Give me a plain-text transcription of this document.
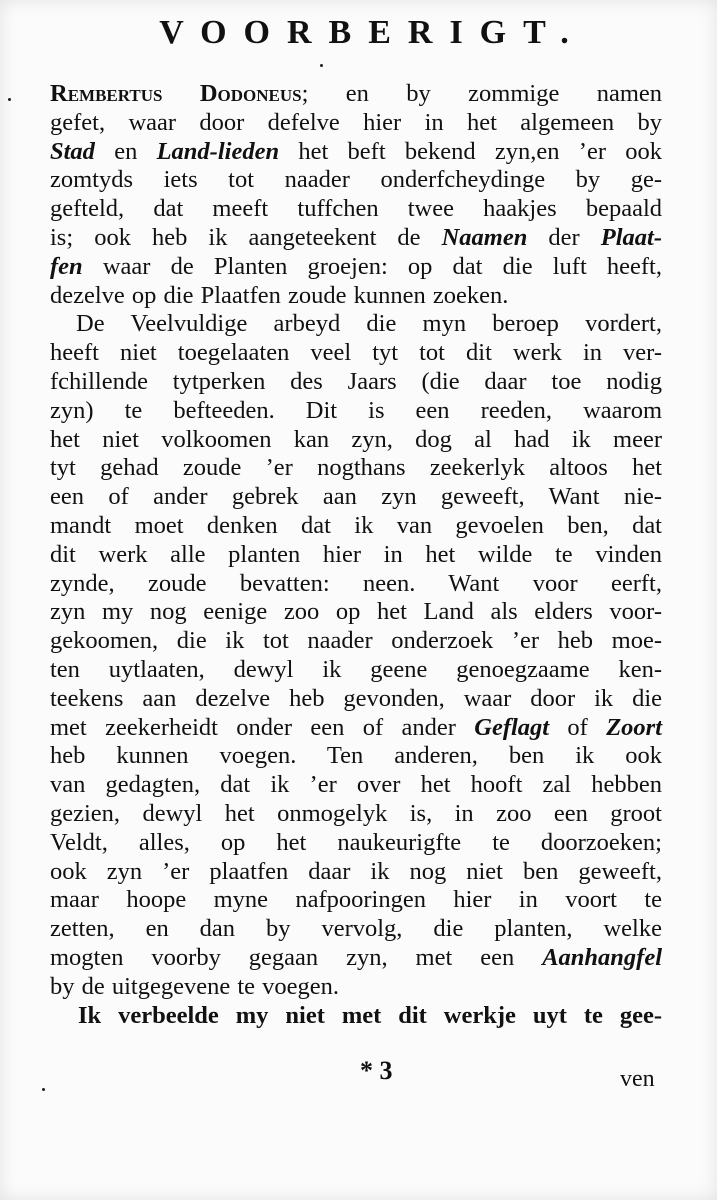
VOORBERIGT.
Rembertus Dodoneus; en by zommige namen
gefet, waar door defelve hier in het algemeen by
Stad en Land-lieden het beft bekend zyn,en ’er ook
zomtyds iets tot naader onderfcheydinge by ge-
gefteld, dat meeft tuffchen twee haakjes bepaald
is; ook heb ik aangeteekent de Naamen der Plaat-
fen waar de Planten groejen: op dat die luft heeft,
dezelve op die Plaatfen zoude kunnen zoeken.
De Veelvuldige arbeyd die myn beroep vordert,
heeft niet toegelaaten veel tyt tot dit werk in ver-
fchillende tytperken des Jaars (die daar toe nodig
zyn) te befteeden. Dit is een reeden, waarom
het niet volkoomen kan zyn, dog al had ik meer
tyt gehad zoude ’er nogthans zeekerlyk altoos het
een of ander gebrek aan zyn geweeft, Want nie-
mandt moet denken dat ik van gevoelen ben, dat
dit werk alle planten hier in het wilde te vinden
zynde, zoude bevatten: neen. Want voor eerft,
zyn my nog eenige zoo op het Land als elders voor-
gekoomen, die ik tot naader onderzoek ’er heb moe-
ten uytlaaten, dewyl ik geene genoegzaame ken-
teekens aan dezelve heb gevonden, waar door ik die
met zeekerheidt onder een of ander Geflagt of Zoort
heb kunnen voegen. Ten anderen, ben ik ook
van gedagten, dat ik ’er over het hooft zal hebben
gezien, dewyl het onmogelyk is, in zoo een groot
Veldt, alles, op het naukeurigfte te doorzoeken;
ook zyn ’er plaatfen daar ik nog niet ben geweeft,
maar hoope myne nafpooringen hier in voort te
zetten, en dan by vervolg, die planten, welke
mogten voorby gegaan zyn, met een Aanhangfel
by de uitgegevene te voegen.
Ik verbeelde my niet met dit werkje uyt te gee-
* 3	ven
